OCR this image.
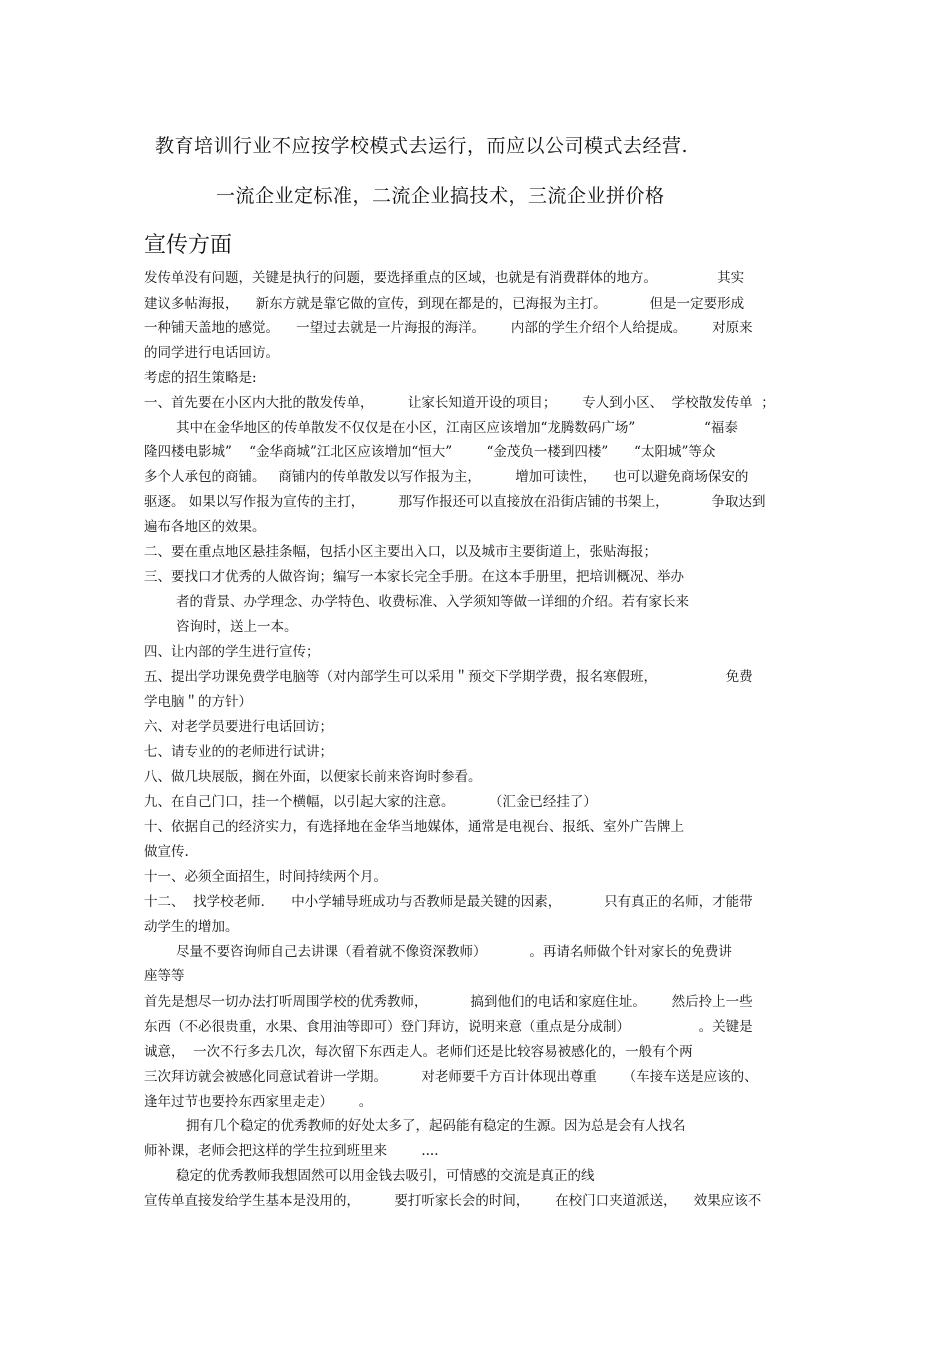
教育培训行业不应按学校模式去运行，而应以公司模式去经营.
一流企业定标准，二流企业搞技术，三流企业拼价格
宣传方面
发传单没有问题，关键是执行的问题，要选择重点的区域，也就是有消费群体的地方。              其实
建议多帖海报，    新东方就是靠它做的宣传，到现在都是的，已海报为主打。          但是一定要形成
一种铺天盖地的感觉。    一望过去就是一片海报的海洋。      内部的学生介绍个人给提成。      对原来
的同学进行电话回访。
考虑的招生策略是:
一、首先要在小区内大批的散发传单，        让家长知道开设的项目；      专人到小区、  学校散发传单  ；
其中在金华地区的传单散发不仅仅是在小区，江南区应该增加“龙腾数码广场”                “福泰
隆四楼电影城”    “金华商城”江北区应该增加“恒大”        “金茂负一楼到四楼”      “太阳城”等众
多个人承包的商铺。   商铺内的传单散发以写作报为主，        增加可读性，    也可以避免商场保安的
驱逐。 如果以写作报为宣传的主打，        那写作报还可以直接放在沿街店铺的书架上，          争取达到
遍布各地区的效果。
二、要在重点地区悬挂条幅，包括小区主要出入口，以及城市主要街道上，张贴海报；
三、要找口才优秀的人做咨询；编写一本家长完全手册。在这本手册里，把培训概况、举办
者的背景、办学理念、办学特色、收费标准、入学须知等做一详细的介绍。若有家长来
咨询时，送上一本。
四、让内部的学生进行宣传；
五、提出学功课免费学电脑等（对内部学生可以采用＂预交下学期学费，报名寒假班，                免费
学电脑＂的方针）
六、对老学员要进行电话回访；
七、请专业的的老师进行试讲；
八、做几块展版，搁在外面，以便家长前来咨询时参看。
九、在自己门口，挂一个横幅，以引起大家的注意。        （汇金已经挂了）
十、依据自己的经济实力，有选择地在金华当地媒体，通常是电视台、报纸、室外广告牌上
做宣传.
十一、必须全面招生，时间持续两个月。
十二、  找学校老师．    中小学辅导班成功与否教师是最关键的因素，          只有真正的名师，才能带
动学生的增加。
尽量不要咨询师自己去讲课（看着就不像资深教师）          。再请名师做个针对家长的免费讲
座等等
首先是想尽一切办法打听周围学校的优秀教师，          搞到他们的电话和家庭住址。      然后拎上一些
东西（不必很贵重，水果、食用油等即可）登门拜访，说明来意（重点是分成制）                。关键是
诚意，  一次不行多去几次，每次留下东西走人。老师们还是比较容易被感化的，一般有个两
三次拜访就会被感化同意试着讲一学期。        对老师要千方百计体现出尊重      （车接车送是应该的、
逢年过节也要拎东西家里走走）      。
拥有几个稳定的优秀教师的好处太多了，起码能有稳定的生源。因为总是会有人找名
师补课，老师会把这样的学生拉到班里来        ....
稳定的优秀教师我想固然可以用金钱去吸引，可情感的交流是真正的线
宣传单直接发给学生基本是没用的，        要打听家长会的时间，      在校门口夹道派送，    效果应该不
